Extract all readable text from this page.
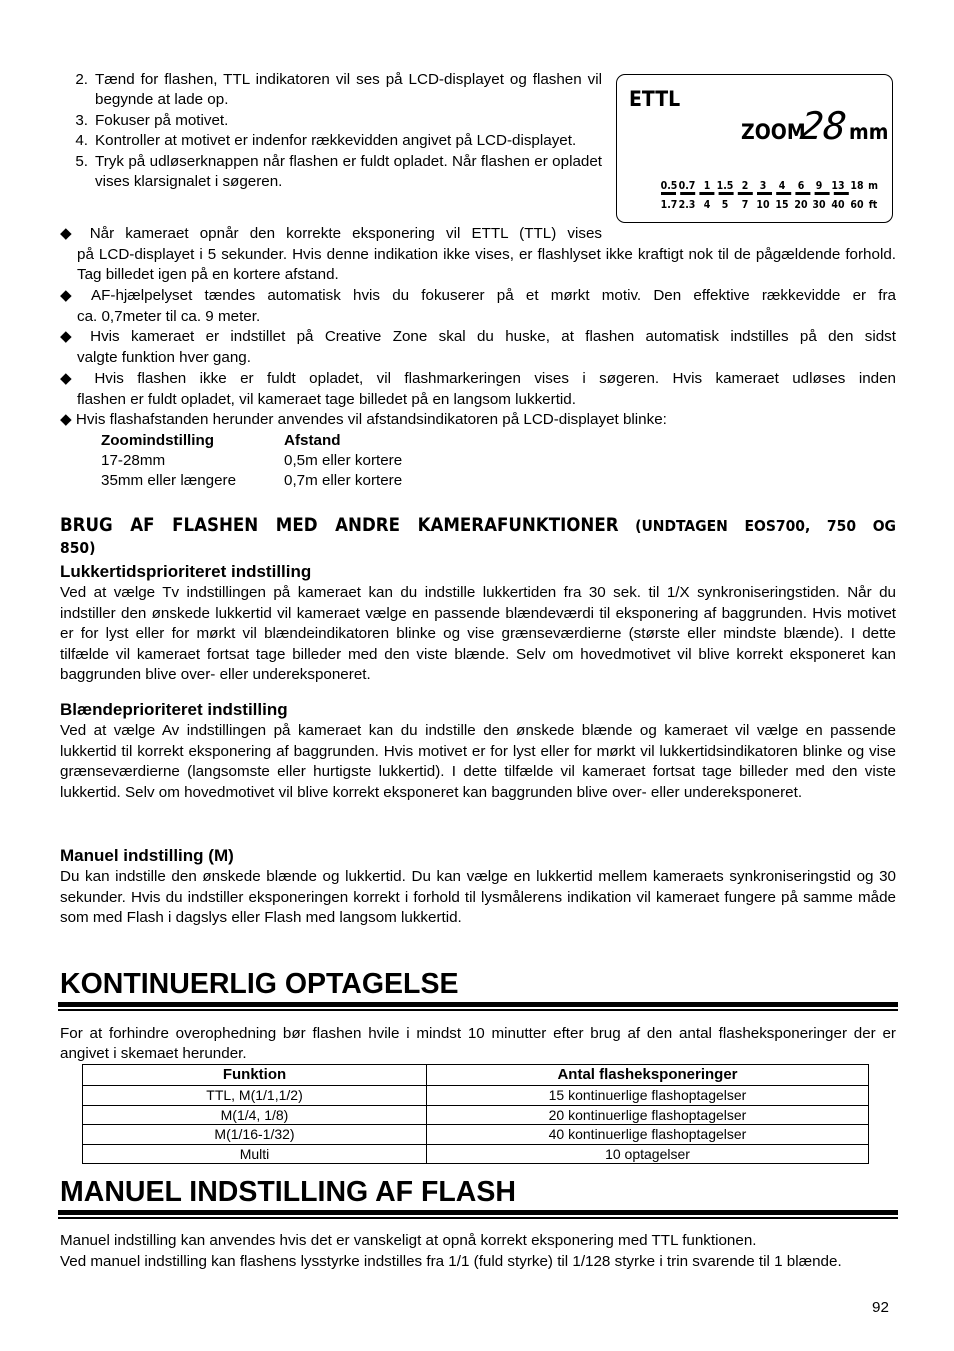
2. Tænd for flashen, TTL indikatoren vil ses på LCD-displayet og flashen vil begynde at lade op.
3. Fokuser på motivet.
4. Kontroller at motivet er indenfor rækkevidden angivet på LCD-displayet.
5. Tryk på udløserknappen når flashen er fuldt opladet. Når flashen er opladet vises klarsignalet i søgeren.
ETTL
ZOOM
28 mm
0.5 0.7 1 1.5 2 3 4 6 9 13 18 m
1.7 2.3 4 5 7 10 15 20 30 40 60 ft
◆ Når kameraet opnår den korrekte eksponering vil ETTL (TTL) vises
på LCD-displayet i 5 sekunder. Hvis denne indikation ikke vises, er flashlyset ikke kraftigt nok til de pågældende forhold. Tag billedet igen på en kortere afstand.
◆ AF-hjælpelyset tændes automatisk hvis du fokuserer på et mørkt motiv. Den effektive rækkevidde er fra
ca. 0,7meter til ca. 9 meter.
◆ Hvis kameraet er indstillet på Creative Zone skal du huske, at flashen automatisk indstilles på den sidst
valgte funktion hver gang.
◆ Hvis flashen ikke er fuldt opladet, vil flashmarkeringen vises i søgeren. Hvis kameraet udløses inden
flashen er fuldt opladet, vil kameraet tage billedet på en langsom lukkertid.
◆ Hvis flashafstanden herunder anvendes vil afstandsindikatoren på LCD-displayet blinke:
Zoomindstilling	Afstand
17-28mm	0,5m eller kortere
35mm eller længere	0,7m eller kortere
BRUG AF FLASHEN MED ANDRE KAMERAFUNKTIONER (UNDTAGEN EOS700, 750 OG
850)
Lukkertidsprioriteret indstilling
Ved at vælge Tv indstillingen på kameraet kan du indstille lukkertiden fra 30 sek. til 1/X synkroniseringstiden. Når du indstiller den ønskede lukkertid vil kameraet vælge en passende blændeværdi til eksponering af baggrunden. Hvis motivet er for lyst eller for mørkt vil blændeindikatoren blinke og vise grænseværdierne (største eller mindste blænde). I dette tilfælde vil kameraet fortsat tage billeder med den viste blænde. Selv om hovedmotivet vil blive korrekt eksponeret kan baggrunden blive over- eller undereksponeret.
Blændeprioriteret indstilling
Ved at vælge Av indstillingen på kameraet kan du indstille den ønskede blænde og kameraet vil vælge en passende lukkertid til korrekt eksponering af baggrunden. Hvis motivet er for lyst eller for mørkt vil lukkertidsindikatoren blinke og vise grænseværdierne (langsomste eller hurtigste lukkertid). I dette tilfælde vil kameraet fortsat tage billeder med den viste lukkertid. Selv om hovedmotivet vil blive korrekt eksponeret kan baggrunden blive over- eller undereksponeret.
Manuel indstilling (M)
Du kan indstille den ønskede blænde og lukkertid. Du kan vælge en lukkertid mellem kameraets synkroniseringstid og 30 sekunder. Hvis du indstiller eksponeringen korrekt i forhold til lysmålerens indikation vil kameraet fungere på samme måde som med Flash i dagslys eller Flash med langsom lukkertid.
KONTINUERLIG OPTAGELSE
For at forhindre overophedning bør flashen hvile i mindst 10 minutter efter brug af den antal flasheksponeringer der er angivet i skemaet herunder.
Funktion	Antal flasheksponeringer
TTL, M(1/1,1/2)	15 kontinuerlige flashoptagelser
M(1/4, 1/8)	20 kontinuerlige flashoptagelser
M(1/16-1/32)	40 kontinuerlige flashoptagelser
Multi	10 optagelser
MANUEL INDSTILLING AF FLASH
Manuel indstilling kan anvendes hvis det er vanskeligt at opnå korrekt eksponering med TTL funktionen.
Ved manuel indstilling kan flashens lysstyrke indstilles fra 1/1 (fuld styrke) til 1/128 styrke i trin svarende til 1 blænde.
92
